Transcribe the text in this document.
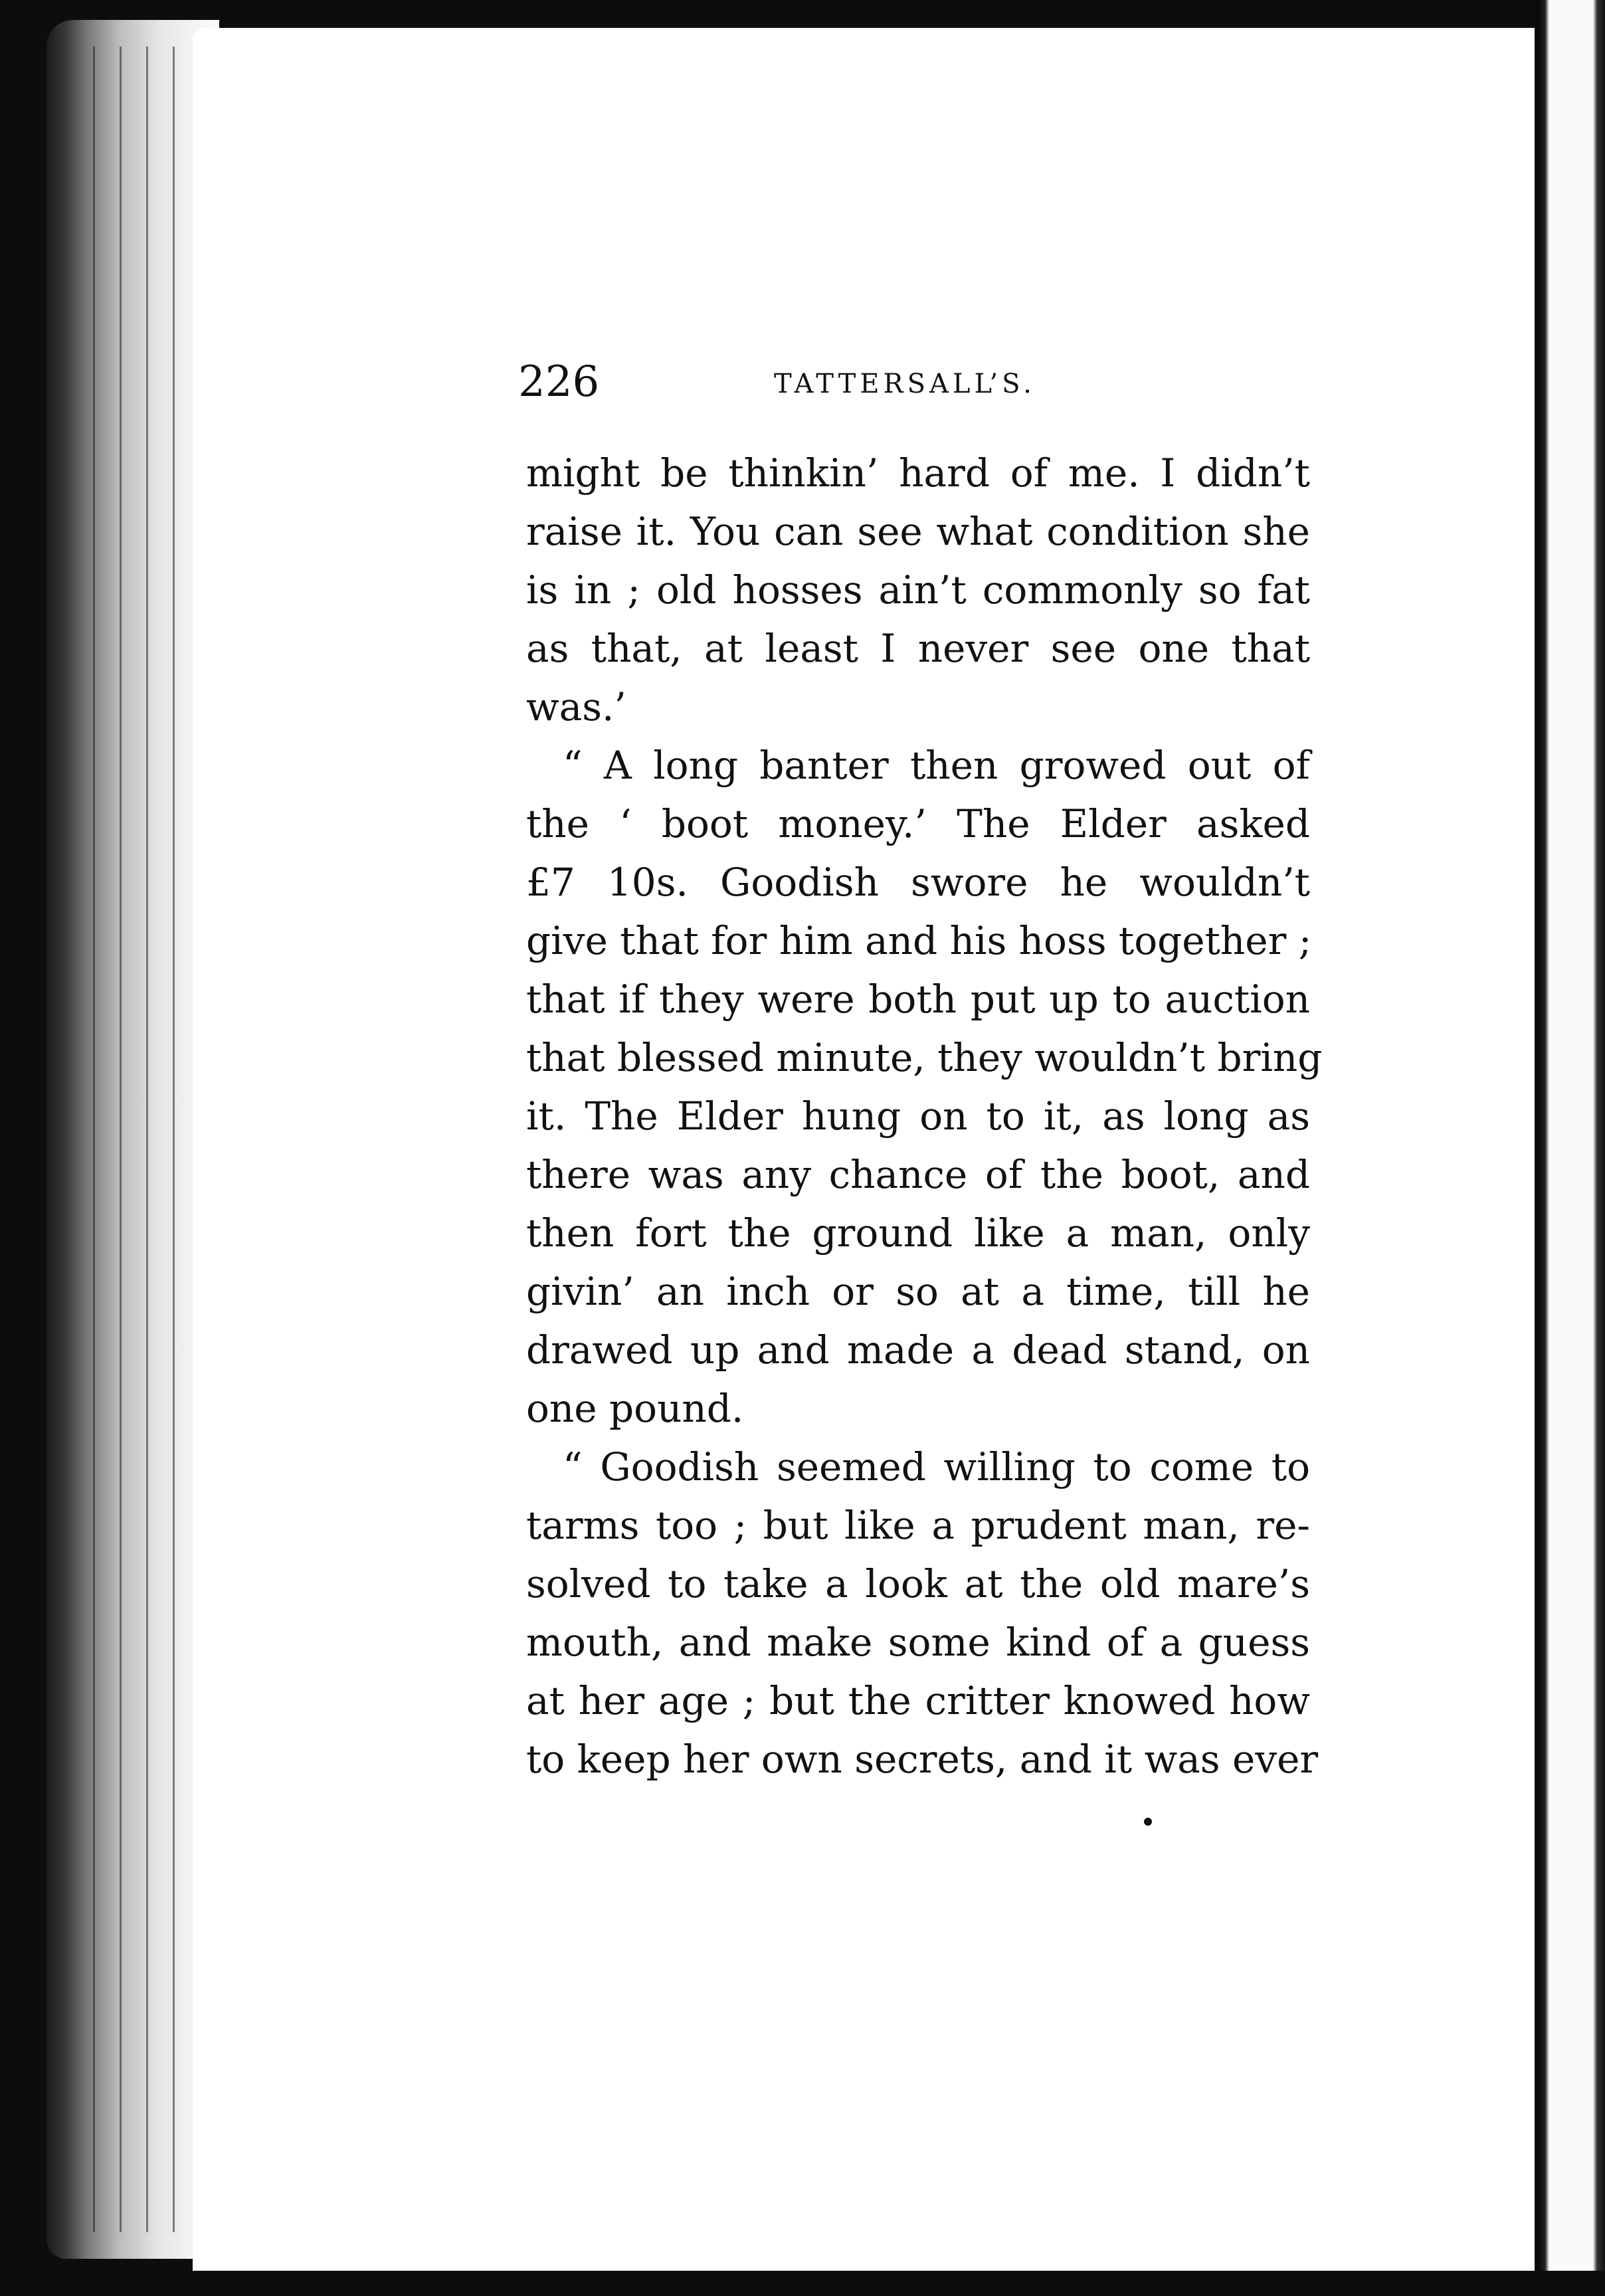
226	TATTERSALL’S.
might be thinkin’ hard of me. I didn’t
raise it. You can see what condition she
is in ; old hosses ain’t commonly so fat
as that, at least I never see one that
was.’
“ A long banter then growed out of
the ‘ boot money.’ The Elder asked
£7 10s. Goodish swore he wouldn’t
give that for him and his hoss together ;
that if they were both put up to auction
that blessed minute, they wouldn’t bring
it. The Elder hung on to it, as long as
there was any chance of the boot, and
then fort the ground like a man, only
givin’ an inch or so at a time, till he
drawed up and made a dead stand, on
one pound.
“ Goodish seemed willing to come to
tarms too ; but like a prudent man, re-
solved to take a look at the old mare’s
mouth, and make some kind of a guess
at her age ; but the critter knowed how
to keep her own secrets, and it was ever
